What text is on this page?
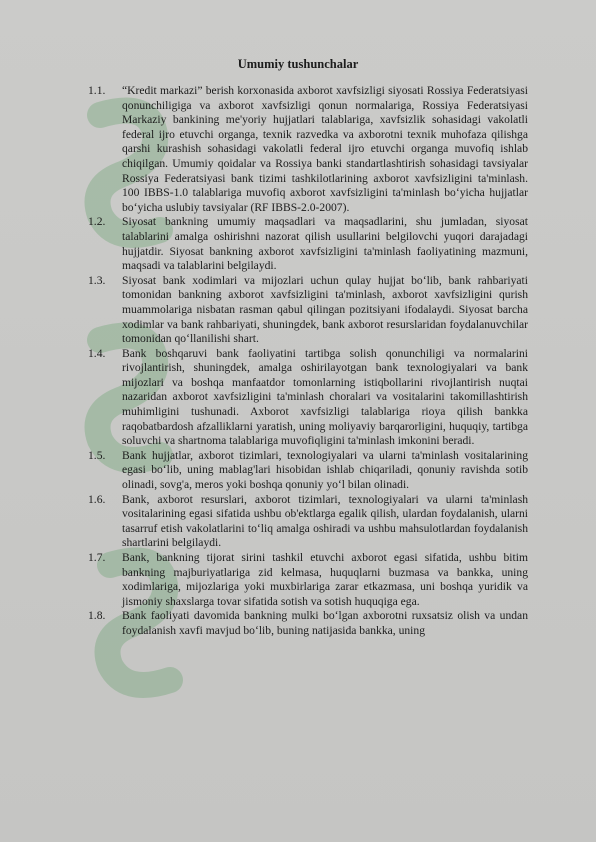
Umumiy tushunchalar
1.1.	“Kredit markazi” berish korxonasida axborot xavfsizligi siyosati Rossiya Federatsiyasi qonunchiligiga va axborot xavfsizligi qonun normalariga, Rossiya Federatsiyasi Markaziy bankining me'yoriy hujjatlari talablariga, xavfsizlik sohasidagi vakolatli federal ijro etuvchi organga, texnik razvedka va axborotni texnik muhofaza qilishga qarshi kurashish sohasidagi vakolatli federal ijro etuvchi organga muvofiq ishlab chiqilgan. Umumiy qoidalar va Rossiya banki standartlashtirish sohasidagi tavsiyalar Rossiya Federatsiyasi bank tizimi tashkilotlarining axborot xavfsizligini ta'minlash. 100 IBBS-1.0 talablariga muvofiq axborot xavfsizligini ta'minlash bo‘yicha hujjatlar bo‘yicha uslubiy tavsiyalar (RF IBBS-2.0-2007).
1.2.	Siyosat bankning umumiy maqsadlari va maqsadlarini, shu jumladan, siyosat talablarini amalga oshirishni nazorat qilish usullarini belgilovchi yuqori darajadagi hujjatdir. Siyosat bankning axborot xavfsizligini ta'minlash faoliyatining mazmuni, maqsadi va talablarini belgilaydi.
1.3.	Siyosat bank xodimlari va mijozlari uchun qulay hujjat bo‘lib, bank rahbariyati tomonidan bankning axborot xavfsizligini ta'minlash, axborot xavfsizligini qurish muammolariga nisbatan rasman qabul qilingan pozitsiyani ifodalaydi. Siyosat barcha xodimlar va bank rahbariyati, shuningdek, bank axborot resurslaridan foydalanuvchilar tomonidan qo‘llanilishi shart.
1.4.	Bank boshqaruvi bank faoliyatini tartibga solish qonunchiligi va normalarini rivojlantirish, shuningdek, amalga oshirilayotgan bank texnologiyalari va bank mijozlari va boshqa manfaatdor tomonlarning istiqbollarini rivojlantirish nuqtai nazaridan axborot xavfsizligini ta'minlash choralari va vositalarini takomillashtirish muhimligini tushunadi. Axborot xavfsizligi talablariga rioya qilish bankka raqobatbardosh afzalliklarni yaratish, uning moliyaviy barqarorligini, huquqiy, tartibga soluvchi va shartnoma talablariga muvofiqligini ta'minlash imkonini beradi.
1.5.	Bank hujjatlar, axborot tizimlari, texnologiyalari va ularni ta'minlash vositalarining egasi bo‘lib, uning mablag'lari hisobidan ishlab chiqariladi, qonuniy ravishda sotib olinadi, sovg'a, meros yoki boshqa qonuniy yo‘l bilan olinadi.
1.6.	Bank, axborot resurslari, axborot tizimlari, texnologiyalari va ularni ta'minlash vositalarining egasi sifatida ushbu ob'ektlarga egalik qilish, ulardan foydalanish, ularni tasarruf etish vakolatlarini to‘liq amalga oshiradi va ushbu mahsulotlardan foydalanish shartlarini belgilaydi.
1.7.	Bank, bankning tijorat sirini tashkil etuvchi axborot egasi sifatida, ushbu bitim bankning majburiyatlariga zid kelmasa, huquqlarni buzmasa va bankka, uning xodimlariga, mijozlariga yoki muxbirlariga zarar etkazmasa, uni boshqa yuridik va jismoniy shaxslarga tovar sifatida sotish va sotish huquqiga ega.
1.8.	Bank faoliyati davomida bankning mulki bo‘lgan axborotni ruxsatsiz olish va undan foydalanish xavfi mavjud bo‘lib, buning natijasida bankka, uning
